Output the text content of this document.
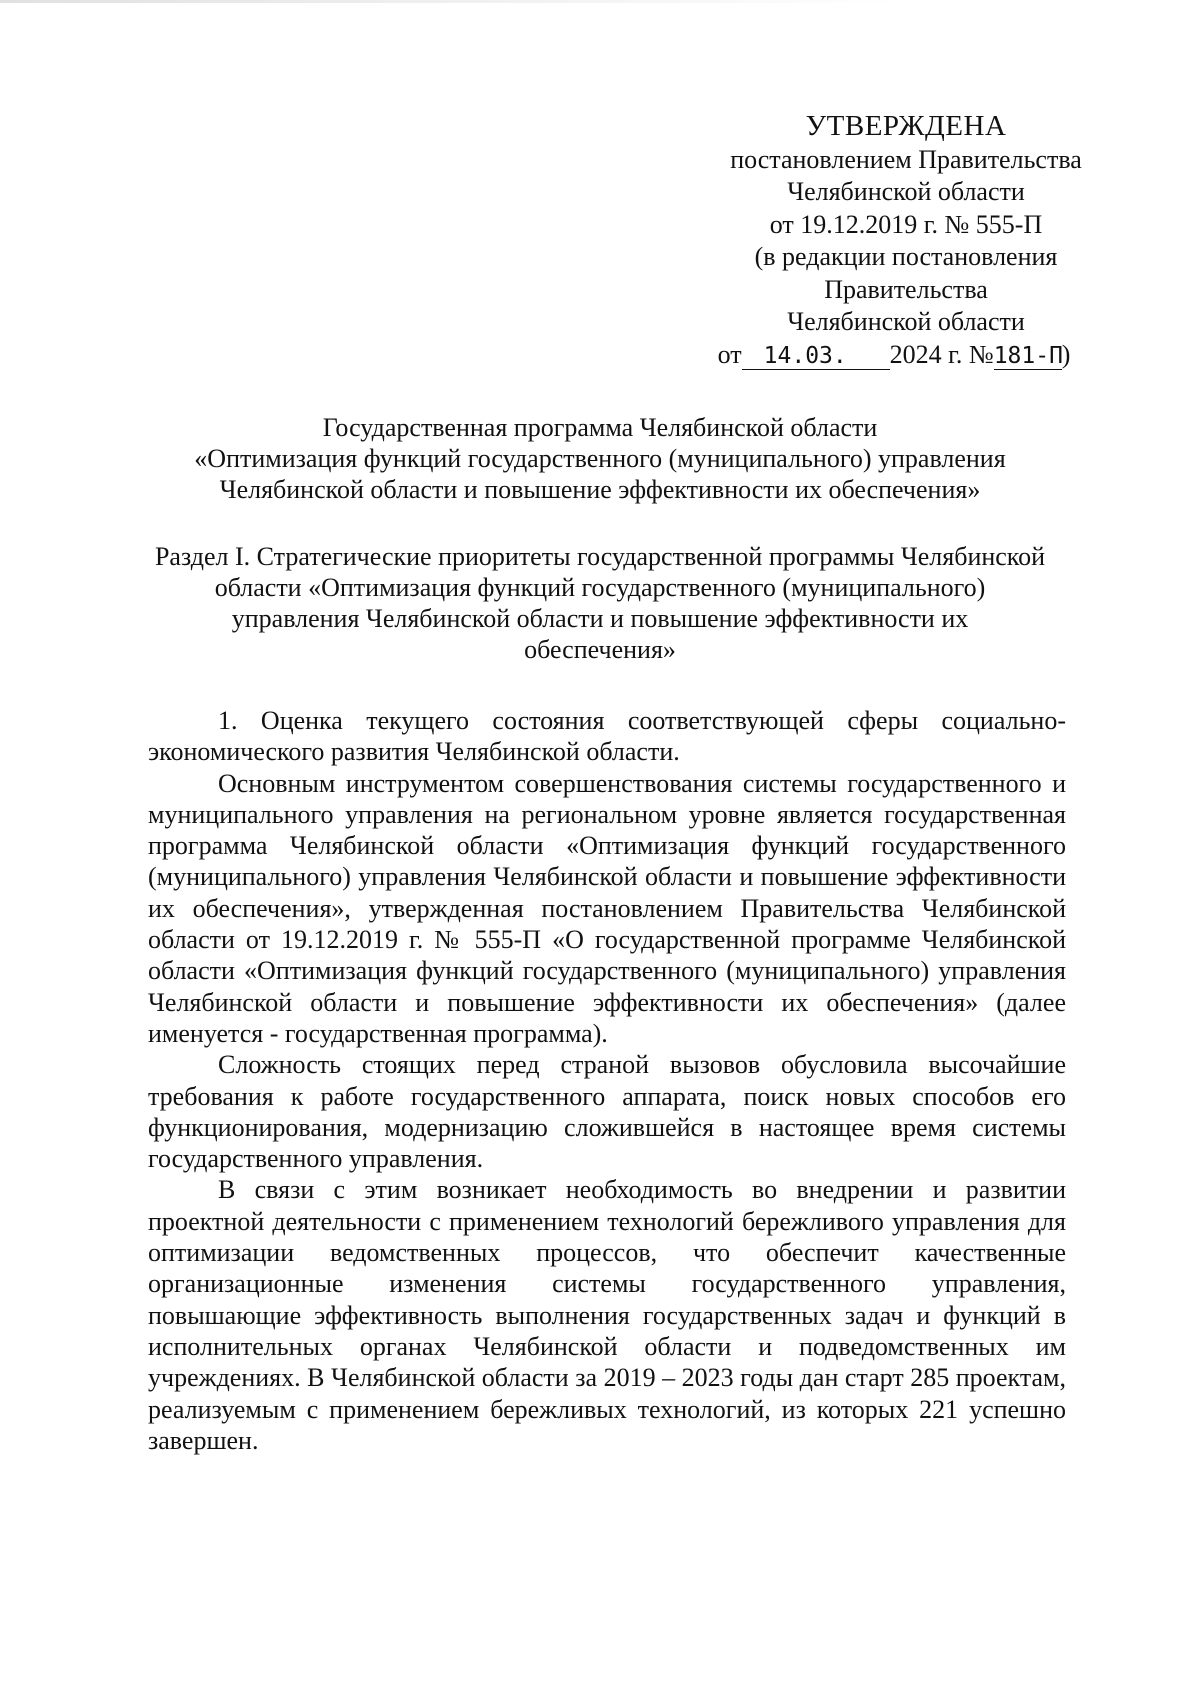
УТВЕРЖДЕНА
постановлением Правительства
Челябинской области
от 19.12.2019 г. № 555-П
(в редакции постановления
Правительства
Челябинской области
от 14.03. 2024 г. №181-П)
Государственная программа Челябинской области
«Оптимизация функций государственного (муниципального) управления
Челябинской области и повышение эффективности их обеспечения»
Раздел I. Стратегические приоритеты государственной программы Челябинской
области «Оптимизация функций государственного (муниципального)
управления Челябинской области и повышение эффективности их
обеспечения»

1. Оценка текущего состояния соответствующей сферы социально-экономического развития Челябинской области.

Основным инструментом совершенствования системы государственного и муниципального управления на региональном уровне является государственная программа Челябинской области «Оптимизация функций государственного (муниципального) управления Челябинской области и повышение эффективности их обеспечения», утвержденная постановлением Правительства Челябинской области от 19.12.2019 г. № 555-П «О государственной программе Челябинской области «Оптимизация функций государственного (муниципального) управления Челябинской области и повышение эффективности их обеспечения» (далее именуется - государственная программа).

Сложность стоящих перед страной вызовов обусловила высочайшие требования к работе государственного аппарата, поиск новых способов его функционирования, модернизацию сложившейся в настоящее время системы государственного управления.

В связи с этим возникает необходимость во внедрении и развитии проектной деятельности с применением технологий бережливого управления для оптимизации ведомственных процессов, что обеспечит качественные организационные изменения системы государственного управления, повышающие эффективность выполнения государственных задач и функций в исполнительных органах Челябинской области и подведомственных им учреждениях. В Челябинской области за 2019 – 2023 годы дан старт 285 проектам, реализуемым с применением бережливых технологий, из которых 221 успешно завершен.
